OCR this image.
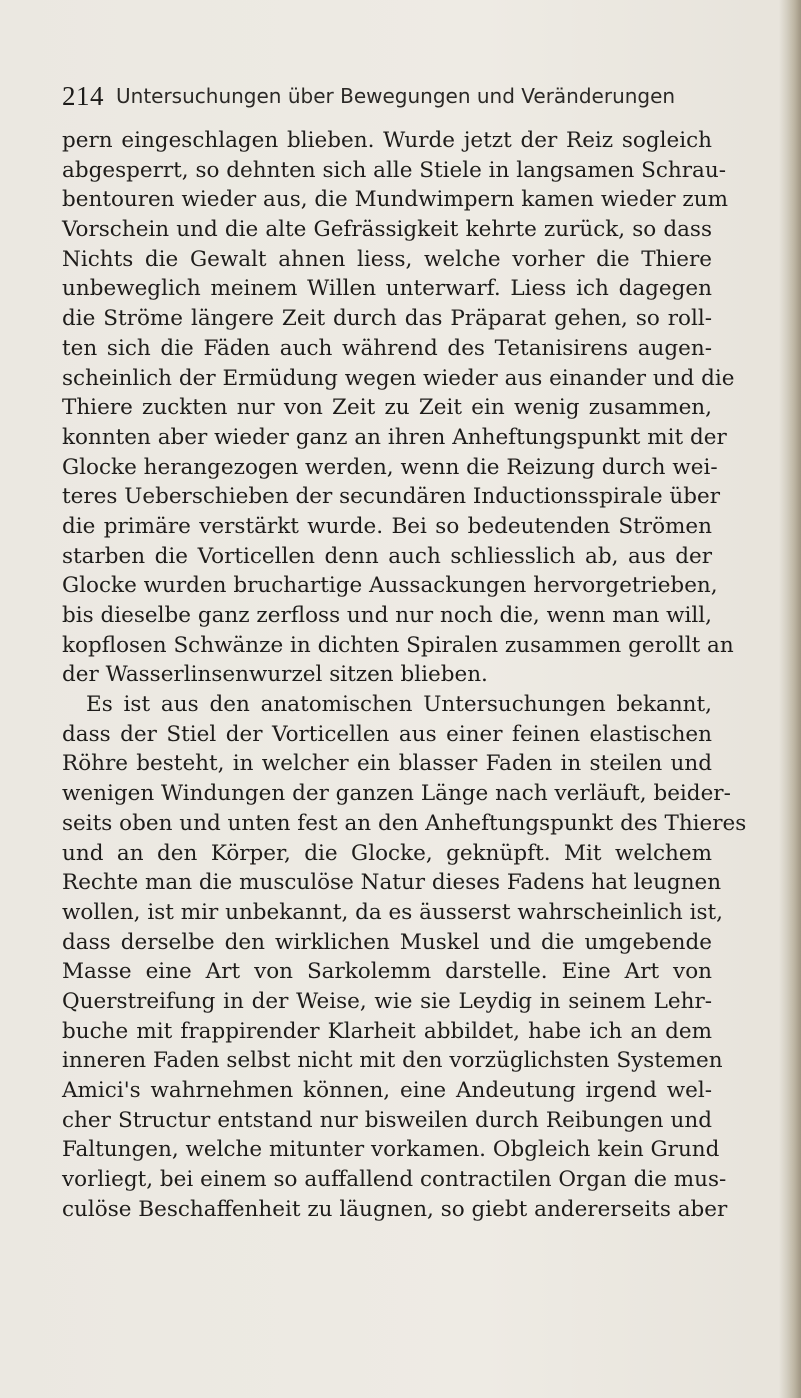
214 Untersuchungen über Bewegungen und Veränderungen
pern eingeschlagen blieben. Wurde jetzt der Reiz sogleich
abgesperrt, so dehnten sich alle Stiele in langsamen Schrau-
bentouren wieder aus, die Mundwimpern kamen wieder zum
Vorschein und die alte Gefrässigkeit kehrte zurück, so dass
Nichts die Gewalt ahnen liess, welche vorher die Thiere
unbeweglich meinem Willen unterwarf. Liess ich dagegen
die Ströme längere Zeit durch das Präparat gehen, so roll-
ten sich die Fäden auch während des Tetanisirens augen-
scheinlich der Ermüdung wegen wieder aus einander und die
Thiere zuckten nur von Zeit zu Zeit ein wenig zusammen,
konnten aber wieder ganz an ihren Anheftungspunkt mit der
Glocke herangezogen werden, wenn die Reizung durch wei-
teres Ueberschieben der secundären Inductionsspirale über
die primäre verstärkt wurde. Bei so bedeutenden Strömen
starben die Vorticellen denn auch schliesslich ab, aus der
Glocke wurden bruchartige Aussackungen hervorgetrieben,
bis dieselbe ganz zerfloss und nur noch die, wenn man will,
kopflosen Schwänze in dichten Spiralen zusammen gerollt an
der Wasserlinsenwurzel sitzen blieben.
Es ist aus den anatomischen Untersuchungen bekannt,
dass der Stiel der Vorticellen aus einer feinen elastischen
Röhre besteht, in welcher ein blasser Faden in steilen und
wenigen Windungen der ganzen Länge nach verläuft, beider-
seits oben und unten fest an den Anheftungspunkt des Thieres
und an den Körper, die Glocke, geknüpft. Mit welchem
Rechte man die musculöse Natur dieses Fadens hat leugnen
wollen, ist mir unbekannt, da es äusserst wahrscheinlich ist,
dass derselbe den wirklichen Muskel und die umgebende
Masse eine Art von Sarkolemm darstelle. Eine Art von
Querstreifung in der Weise, wie sie Leydig in seinem Lehr-
buche mit frappirender Klarheit abbildet, habe ich an dem
inneren Faden selbst nicht mit den vorzüglichsten Systemen
Amici's wahrnehmen können, eine Andeutung irgend wel-
cher Structur entstand nur bisweilen durch Reibungen und
Faltungen, welche mitunter vorkamen. Obgleich kein Grund
vorliegt, bei einem so auffallend contractilen Organ die mus-
culöse Beschaffenheit zu läugnen, so giebt andererseits aber
